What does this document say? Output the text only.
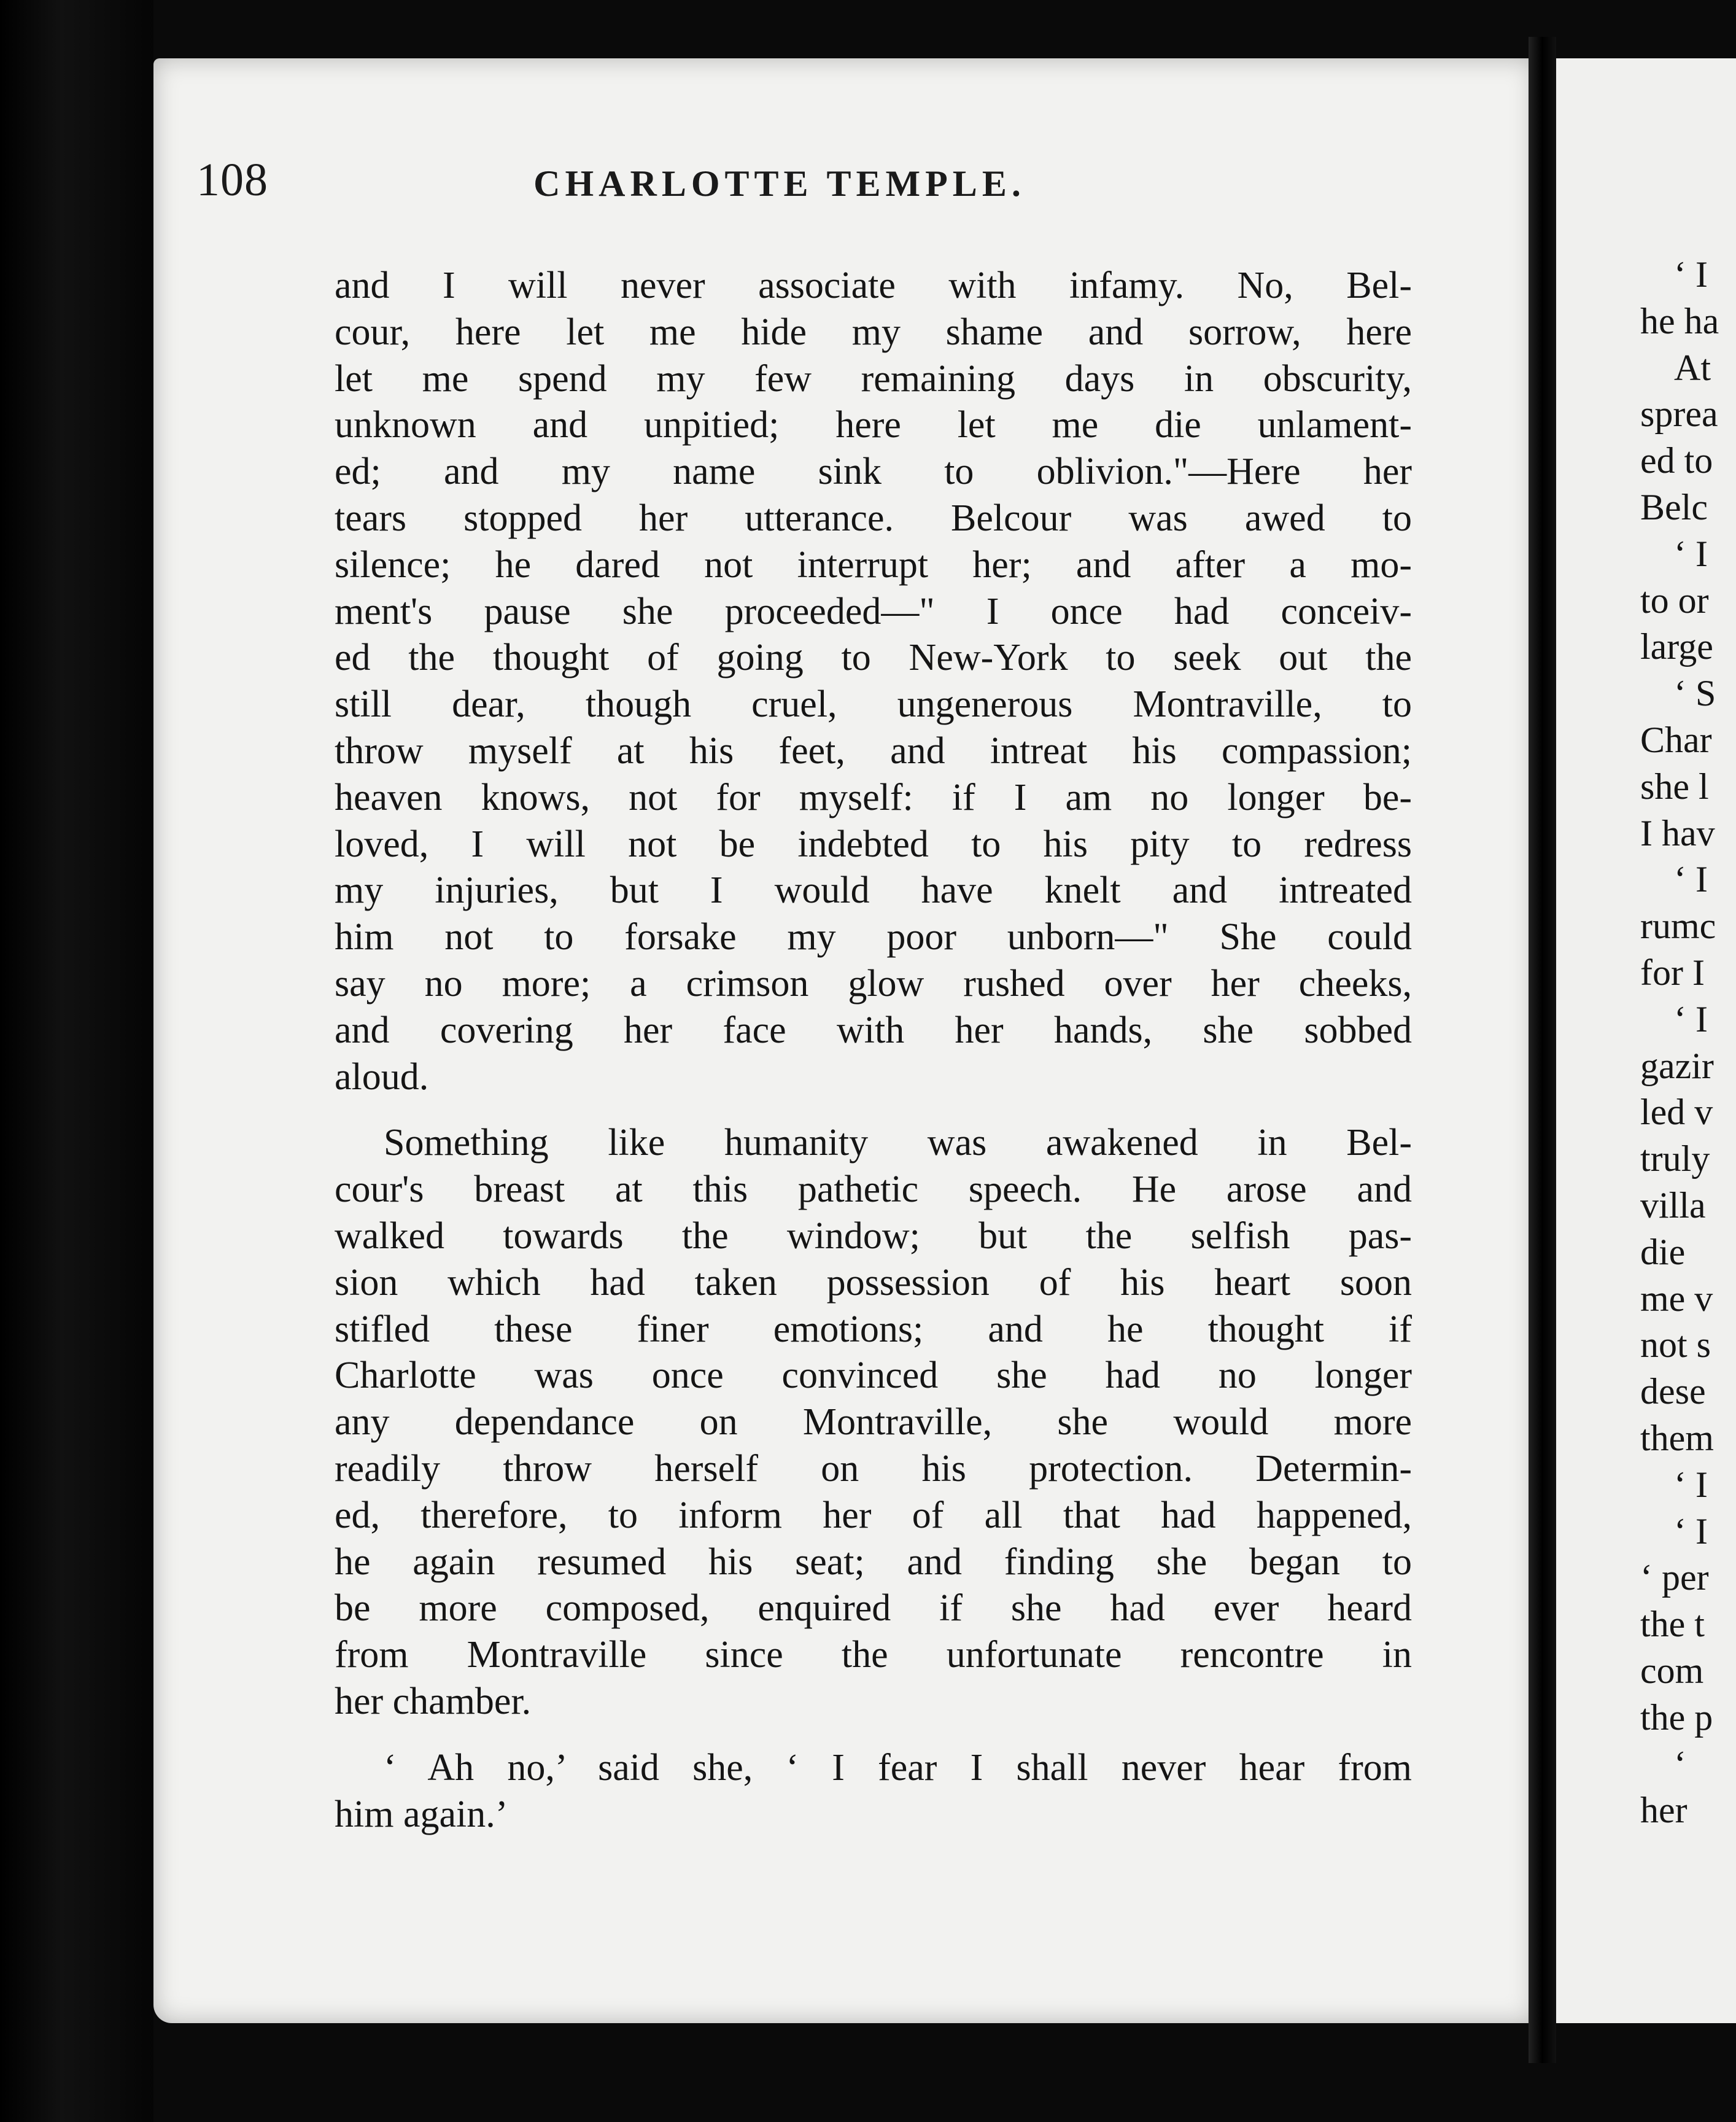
108	CHARLOTTE TEMPLE.
and I will never associate with infamy. No, Bel-
cour, here let me hide my shame and sorrow, here
let me spend my few remaining days in obscurity,
unknown and unpitied; here let me die unlament-
ed; and my name sink to oblivion."—Here her
tears stopped her utterance. Belcour was awed to
silence; he dared not interrupt her; and after a mo-
ment's pause she proceeded—" I once had conceiv-
ed the thought of going to New-York to seek out the
still dear, though cruel, ungenerous Montraville, to
throw myself at his feet, and intreat his compassion;
heaven knows, not for myself: if I am no longer be-
loved, I will not be indebted to his pity to redress
my injuries, but I would have knelt and intreated
him not to forsake my poor unborn—" She could
say no more; a crimson glow rushed over her cheeks,
and covering her face with her hands, she sobbed
aloud.
Something like humanity was awakened in Bel-
cour's breast at this pathetic speech. He arose and
walked towards the window; but the selfish pas-
sion which had taken possession of his heart soon
stifled these finer emotions; and he thought if
Charlotte was once convinced she had no longer
any dependance on Montraville, she would more
readily throw herself on his protection. Determin-
ed, therefore, to inform her of all that had happened,
he again resumed his seat; and finding she began to
be more composed, enquired if she had ever heard
from Montraville since the unfortunate rencontre in
her chamber.
‘ Ah no,’ said she, ‘ I fear I shall never hear from
him again.’
‘ I
he ha
At
sprea
ed to
Belc
‘ I
to or
large
‘ S
Char
she l
I hav
‘ I
rumc
for I
‘ I
gazir
led v
truly
villa
die
me v
not s
dese
them
‘ I
‘ I
‘ per
the t
com
the p
‘
her
